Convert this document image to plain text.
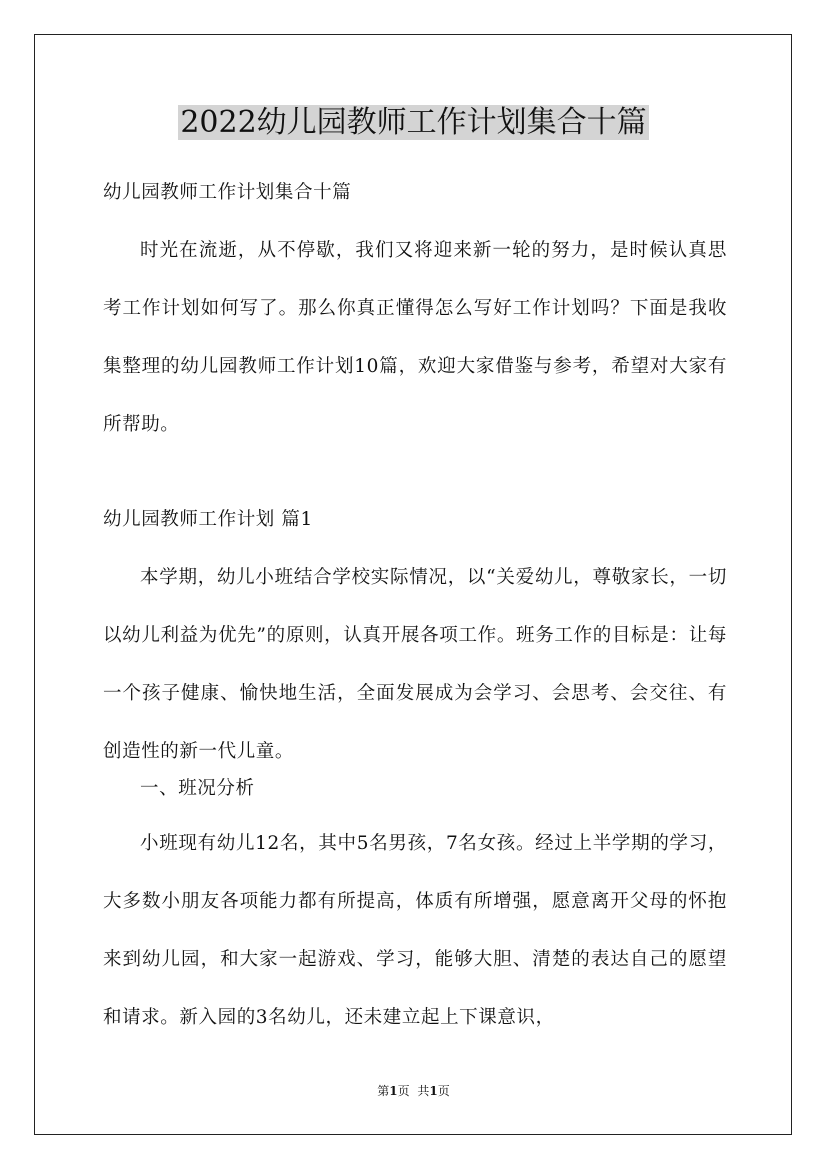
2022幼儿园教师工作计划集合十篇

幼儿园教师工作计划集合十篇

时光在流逝，从不停歇，我们又将迎来新一轮的努力，是时候认真思考工作计划如何写了。那么你真正懂得怎么写好工作计划吗？下面是我收集整理的幼儿园教师工作计划10篇，欢迎大家借鉴与参考，希望对大家有所帮助。

幼儿园教师工作计划 篇1

本学期，幼儿小班结合学校实际情况，以“关爱幼儿，尊敬家长，一切以幼儿利益为优先”的原则，认真开展各项工作。班务工作的目标是：让每一个孩子健康、愉快地生活，全面发展成为会学习、会思考、会交往、有创造性的新一代儿童。

一、班况分析

小班现有幼儿12名，其中5名男孩，7名女孩。经过上半学期的学习，大多数小朋友各项能力都有所提高，体质有所增强，愿意离开父母的怀抱来到幼儿园，和大家一起游戏、学习，能够大胆、清楚的表达自己的愿望和请求。新入园的3名幼儿，还未建立起上下课意识，

第1页 共1页
